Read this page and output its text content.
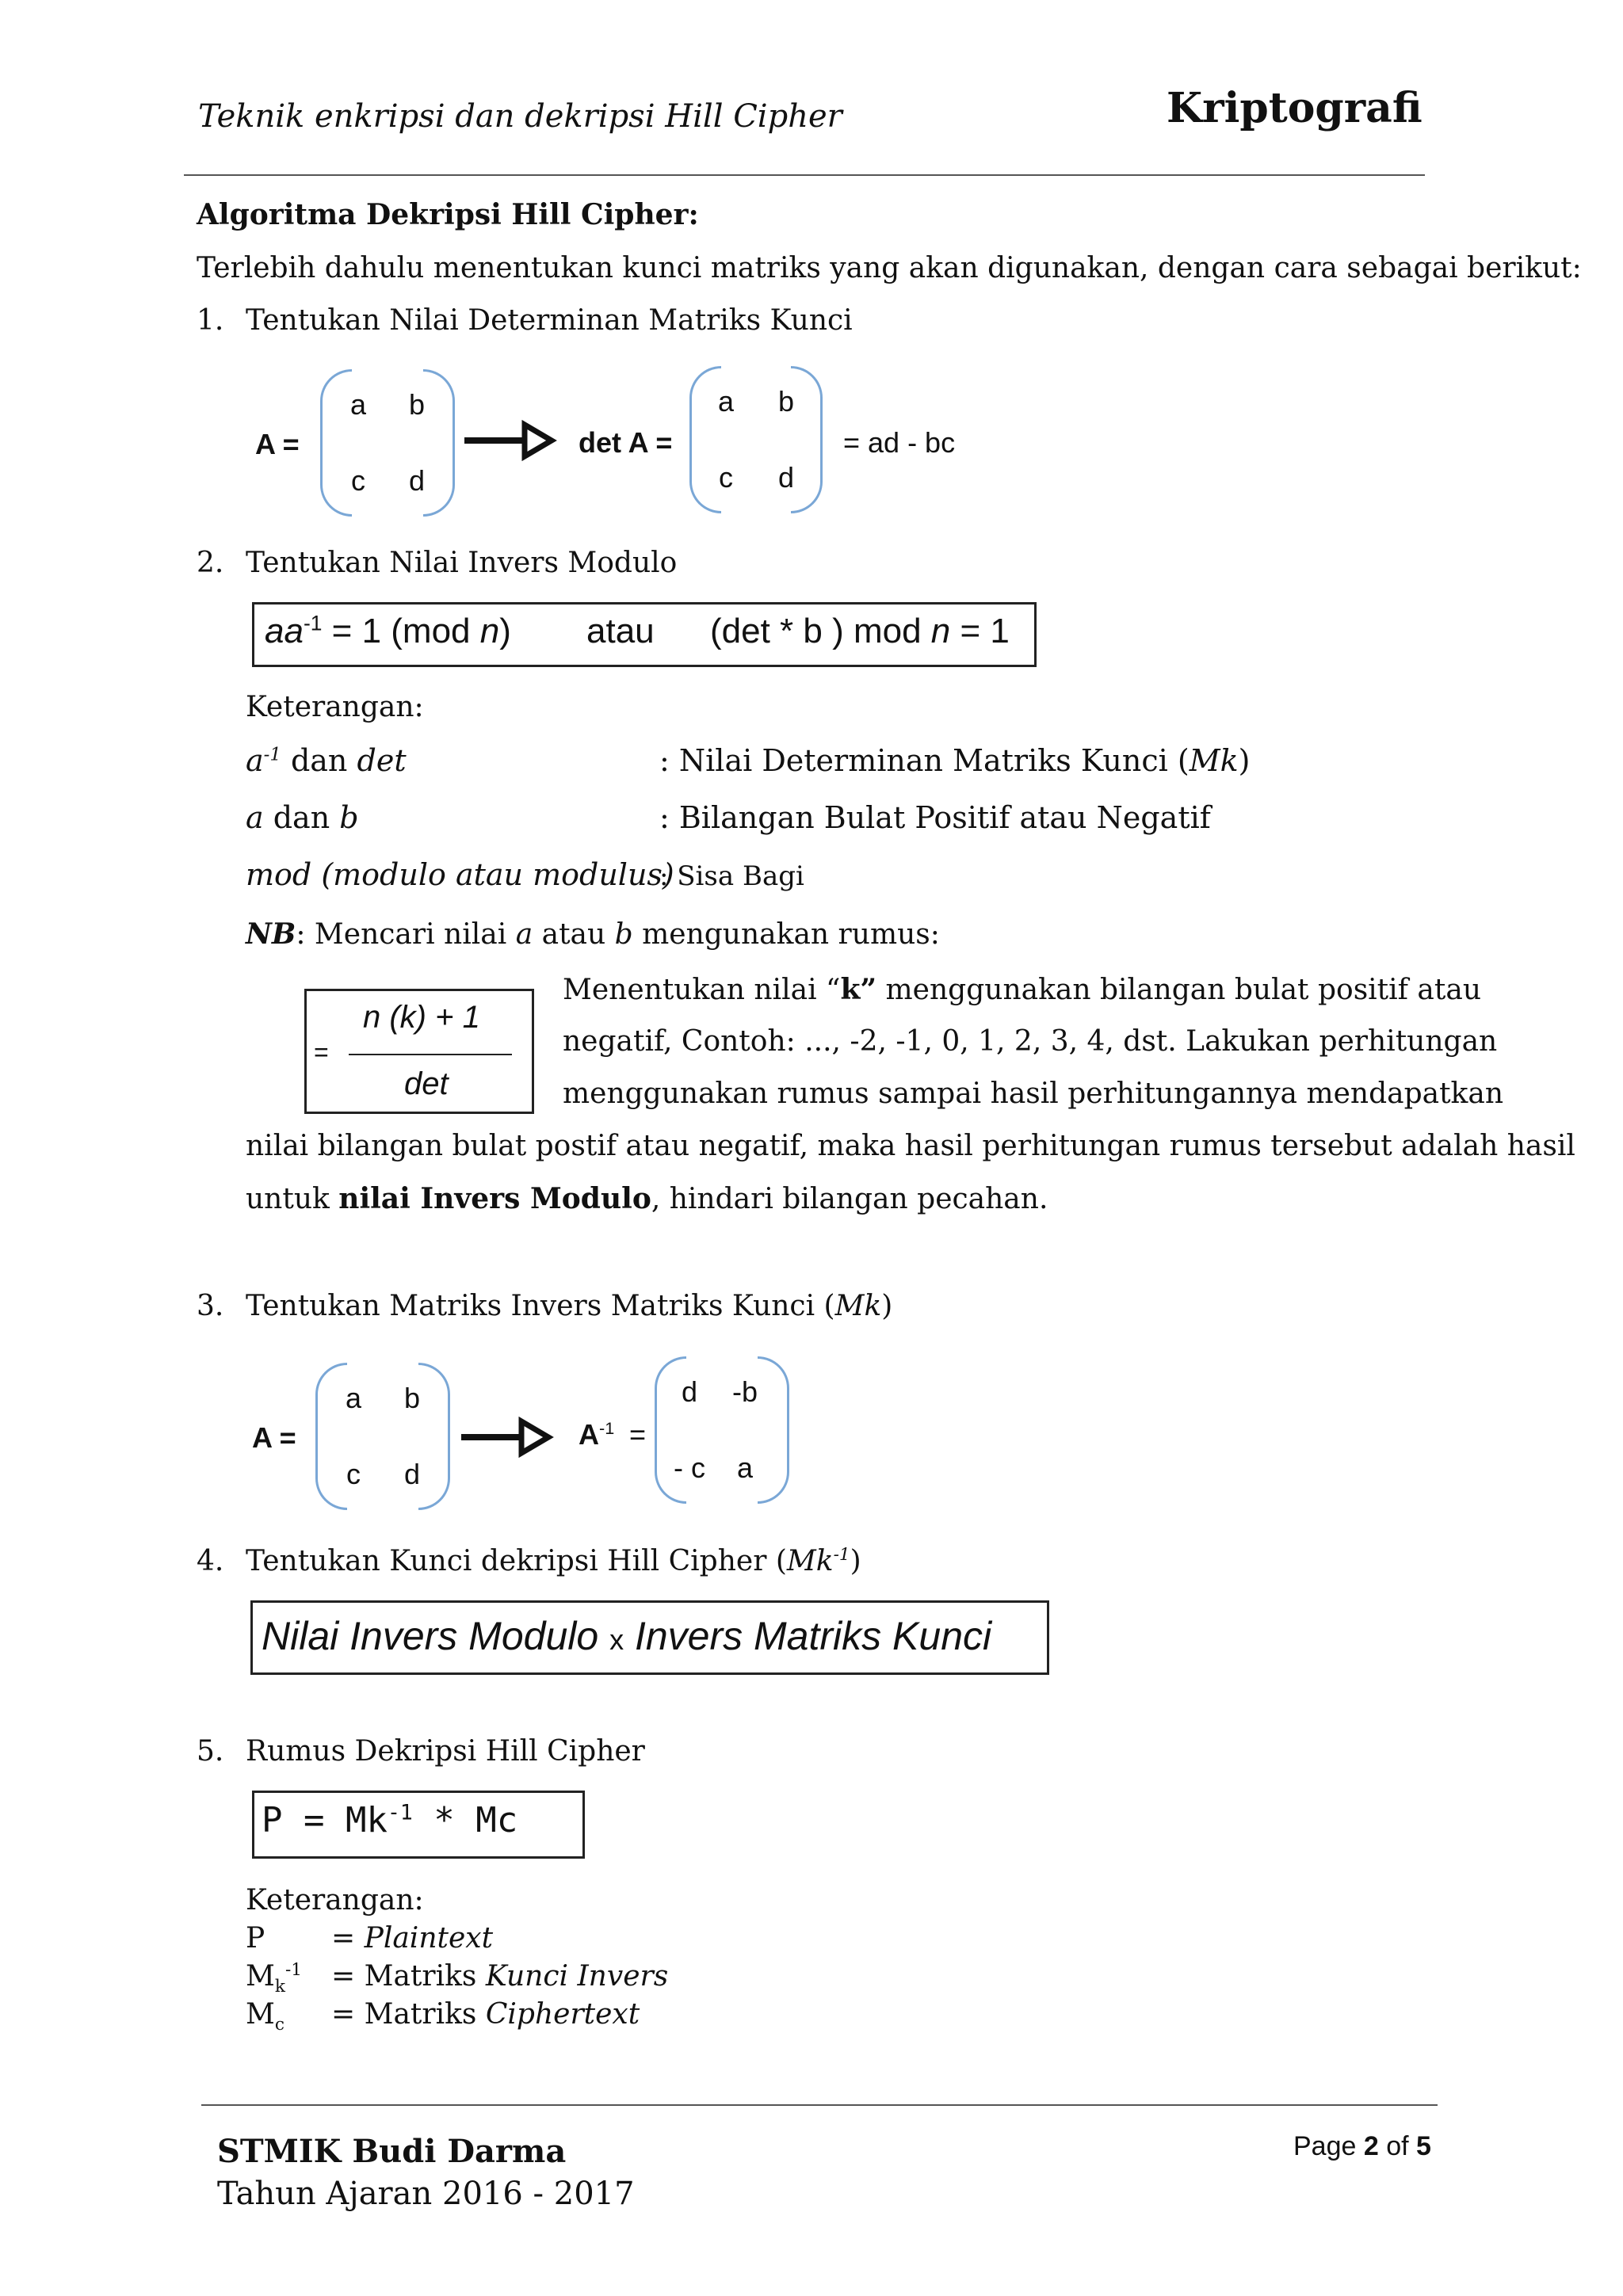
Teknik enkripsi dan dekripsi Hill Cipher	Kriptografi
Algoritma Dekripsi Hill Cipher:
Terlebih dahulu menentukan kunci matriks yang akan digunakan, dengan cara sebagai berikut:
1. Tentukan Nilai Determinan Matriks Kunci
A =
a	b
c	d
det A =
a	b
c	d
= ad - bc
2. Tentukan Nilai Invers Modulo
$aa^{-1} = 1$ (mod n) atau (det * b ) mod n = 1
Keterangan:
$a^{-1}$ dan det	: Nilai Determinan Matriks Kunci (Mk)
a dan b	: Bilangan Bulat Positif atau Negatif
mod (modulo atau modulus)
: Sisa Bagi
NB: Mencari nilai a atau b mengunakan rumus:
=
n (k) + 1
det
Menentukan nilai “k” menggunakan bilangan bulat positif atau
negatif, Contoh: ..., -2, -1, 0, 1, 2, 3, 4, dst. Lakukan perhitungan
menggunakan rumus sampai hasil perhitungannya mendapatkan
nilai bilangan bulat postif atau negatif, maka hasil perhitungan rumus tersebut adalah hasil
untuk nilai Invers Modulo, hindari bilangan pecahan.
3. Tentukan Matriks Invers Matriks Kunci (Mk)
A =
a	b
c	d
$A^{-1}$ =
d	-b
- c	a
4. Tentukan Kunci dekripsi Hill Cipher $(Mk^{-1})$
Nilai Invers Modulo x Invers Matriks Kunci
5. Rumus Dekripsi Hill Cipher
$P = Mk^{-1} * Mc$
Keterangan:
P = Plaintext
$M_k^{-1}$ = Matriks Kunci Invers
$M_c$ = Matriks Ciphertext
STMIK Budi Darma
Tahun Ajaran 2016 - 2017
Page 2 of 5
